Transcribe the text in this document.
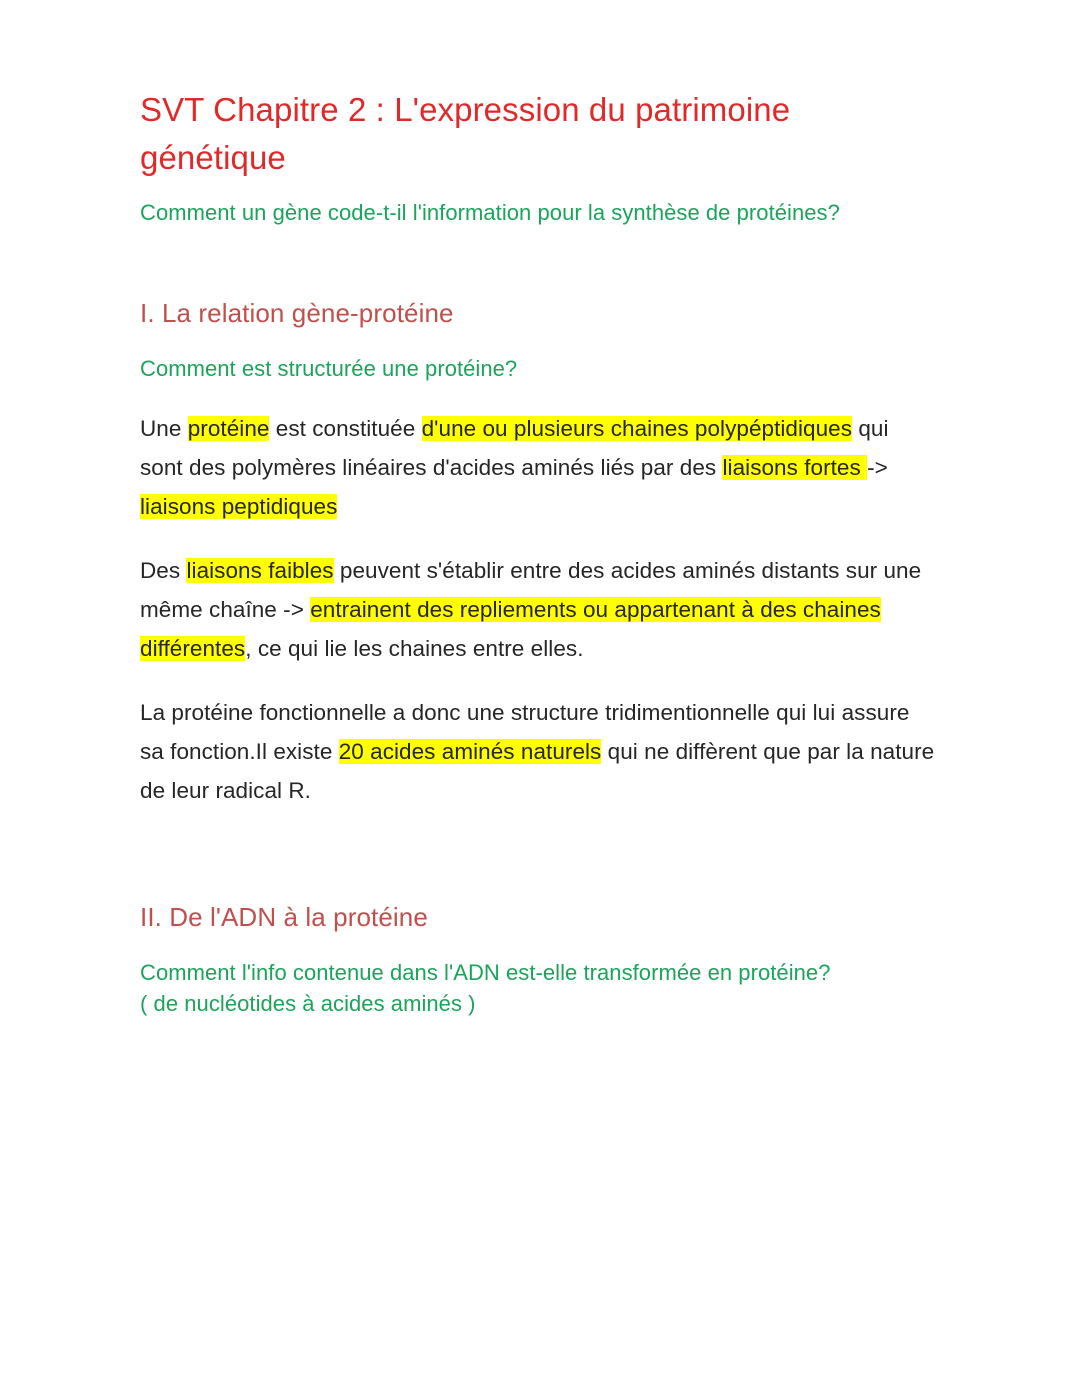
SVT Chapitre 2 : L'expression du patrimoine génétique

Comment un gène code-t-il l'information pour la synthèse de protéines?

I. La relation gène-protéine

Comment est structurée une protéine?

Une protéine est constituée d'une ou plusieurs chaines polypéptidiques qui sont des polymères linéaires d'acides aminés liés par des liaisons fortes -> liaisons peptidiques

Des liaisons faibles peuvent s'établir entre des acides aminés distants sur une même chaîne -> entrainent des repliements ou appartenant à des chaines différentes, ce qui lie les chaines entre elles.

La protéine fonctionnelle a donc une structure tridimentionnelle qui lui assure sa fonction.Il existe 20 acides aminés naturels qui ne diffèrent que par la nature de leur radical R.

II. De l'ADN à la protéine

Comment l'info contenue dans l'ADN est-elle transformée en protéine?

( de nucléotides à acides aminés )
